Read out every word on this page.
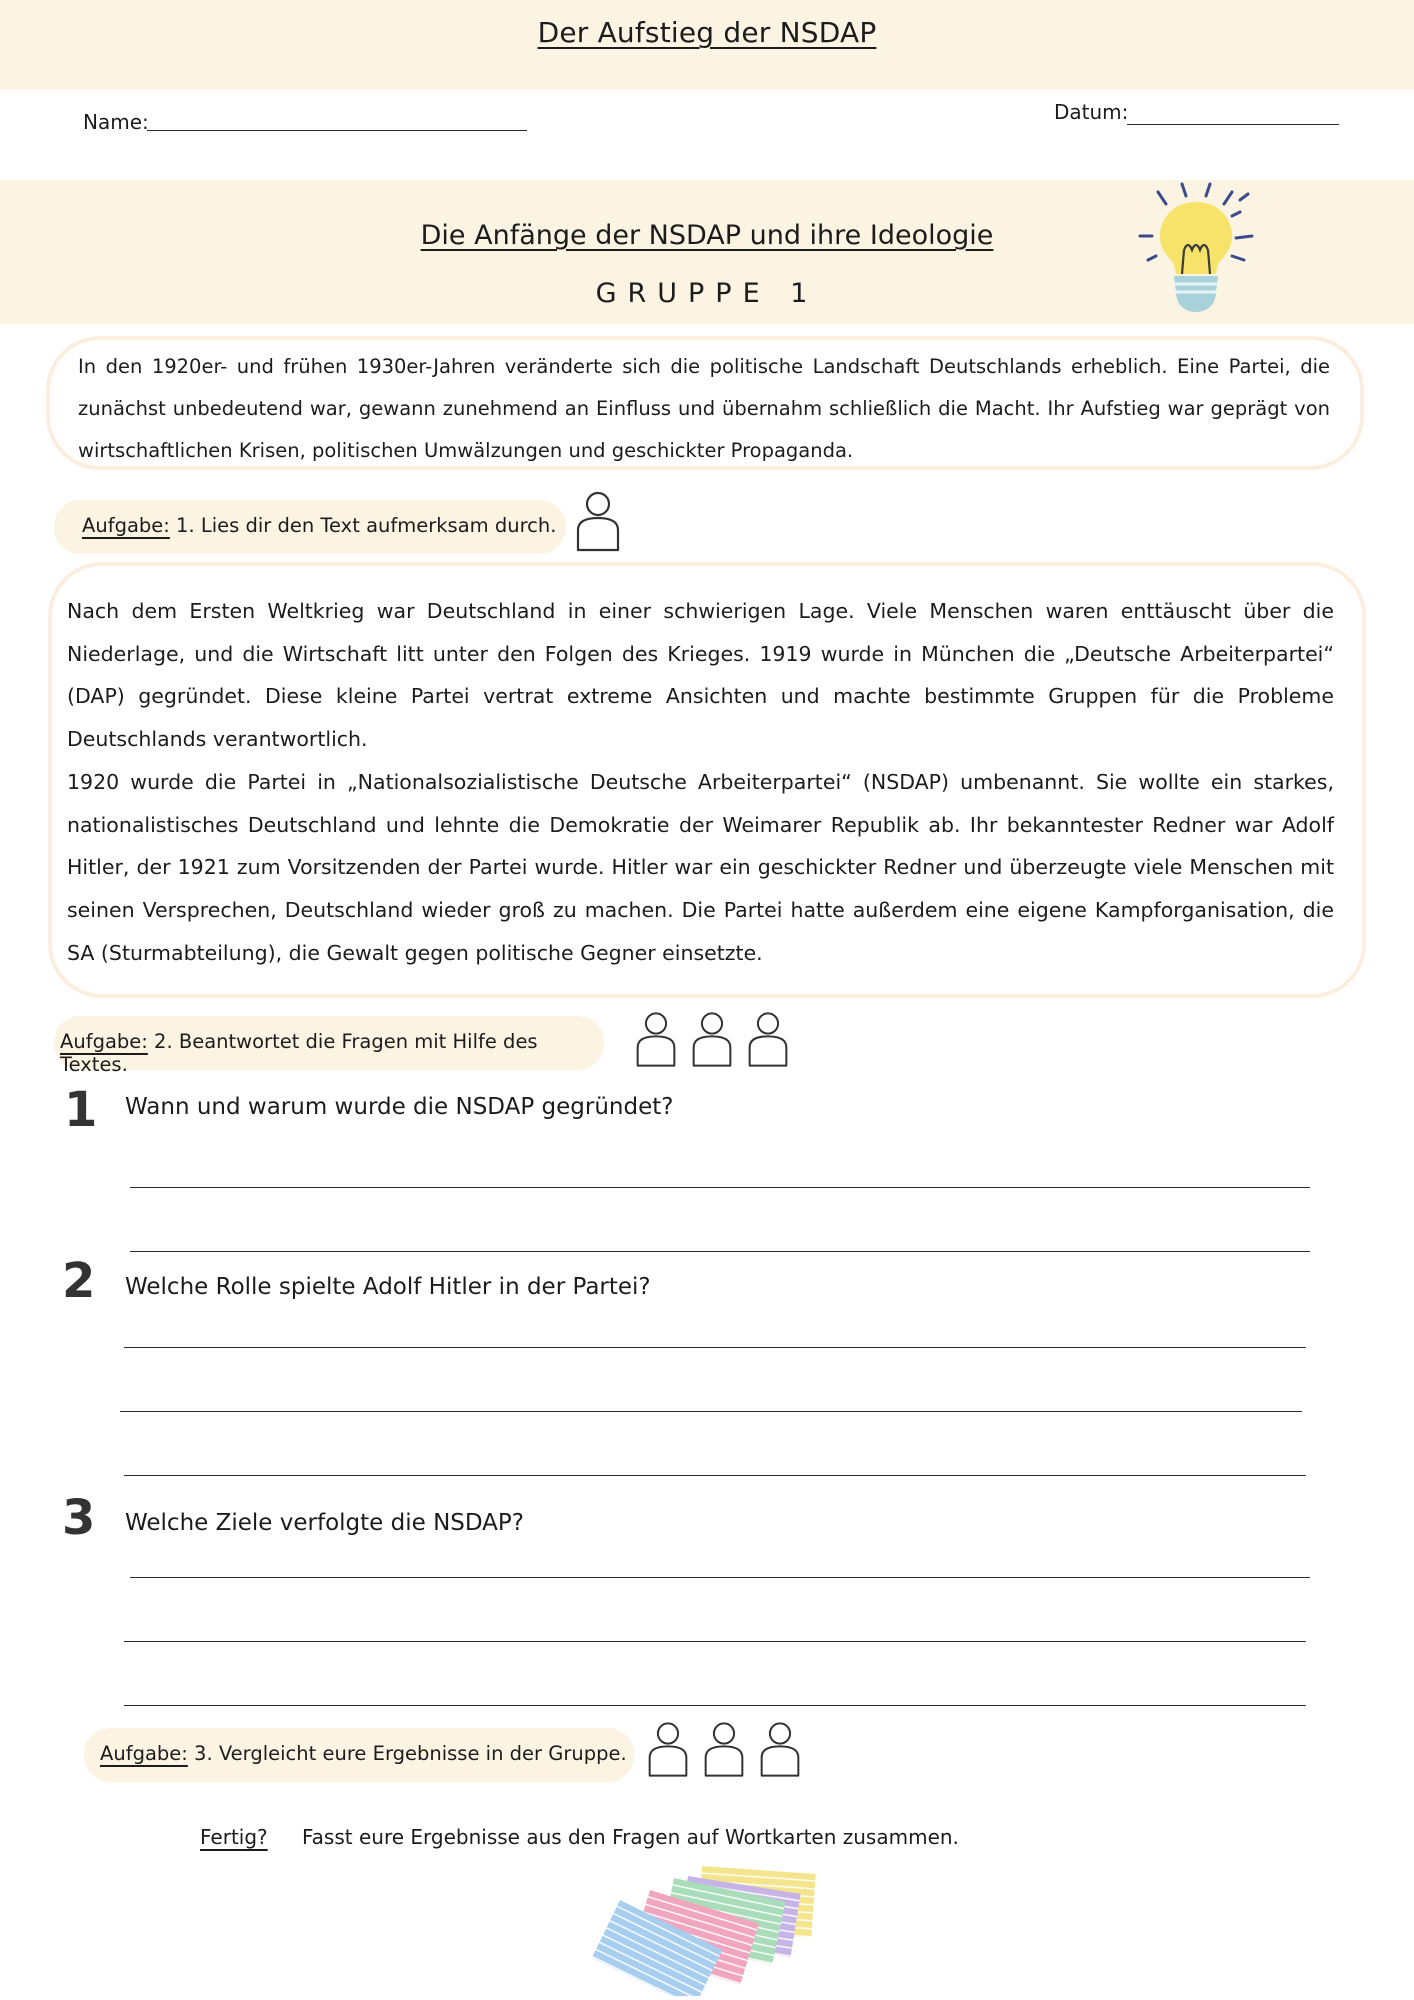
Der Aufstieg der NSDAP
Name:	Datum:
Die Anfänge der NSDAP und ihre Ideologie
GRUPPE 1

In den 1920er- und frühen 1930er-Jahren veränderte sich die politische Landschaft Deutschlands erheblich. Eine Partei, die zunächst unbedeutend war, gewann zunehmend an Einfluss und übernahm schließlich die Macht. Ihr Aufstieg war geprägt von wirtschaftlichen Krisen, politischen Umwälzungen und geschickter Propaganda.

Aufgabe: 1. Lies dir den Text aufmerksam durch.

Nach dem Ersten Weltkrieg war Deutschland in einer schwierigen Lage. Viele Menschen waren enttäuscht über die Niederlage, und die Wirtschaft litt unter den Folgen des Krieges. 1919 wurde in München die „Deutsche Arbeiterpartei“ (DAP) gegründet. Diese kleine Partei vertrat extreme Ansichten und machte bestimmte Gruppen für die Probleme Deutschlands verantwortlich.

1920 wurde die Partei in „Nationalsozialistische Deutsche Arbeiterpartei“ (NSDAP) umbenannt. Sie wollte ein starkes, nationalistisches Deutschland und lehnte die Demokratie der Weimarer Republik ab. Ihr bekanntester Redner war Adolf Hitler, der 1921 zum Vorsitzenden der Partei wurde. Hitler war ein geschickter Redner und überzeugte viele Menschen mit seinen Versprechen, Deutschland wieder groß zu machen. Die Partei hatte außerdem eine eigene Kampforganisation, die SA (Sturmabteilung), die Gewalt gegen politische Gegner einsetzte.

Aufgabe: 2. Beantwortet die Fragen mit Hilfe des Textes.
1 Wann und warum wurde die NSDAP gegründet?
2 Welche Rolle spielte Adolf Hitler in der Partei?
3 Welche Ziele verfolgte die NSDAP?
Aufgabe: 3. Vergleicht eure Ergebnisse in der Gruppe.
Fertig? Fasst eure Ergebnisse aus den Fragen auf Wortkarten zusammen.
